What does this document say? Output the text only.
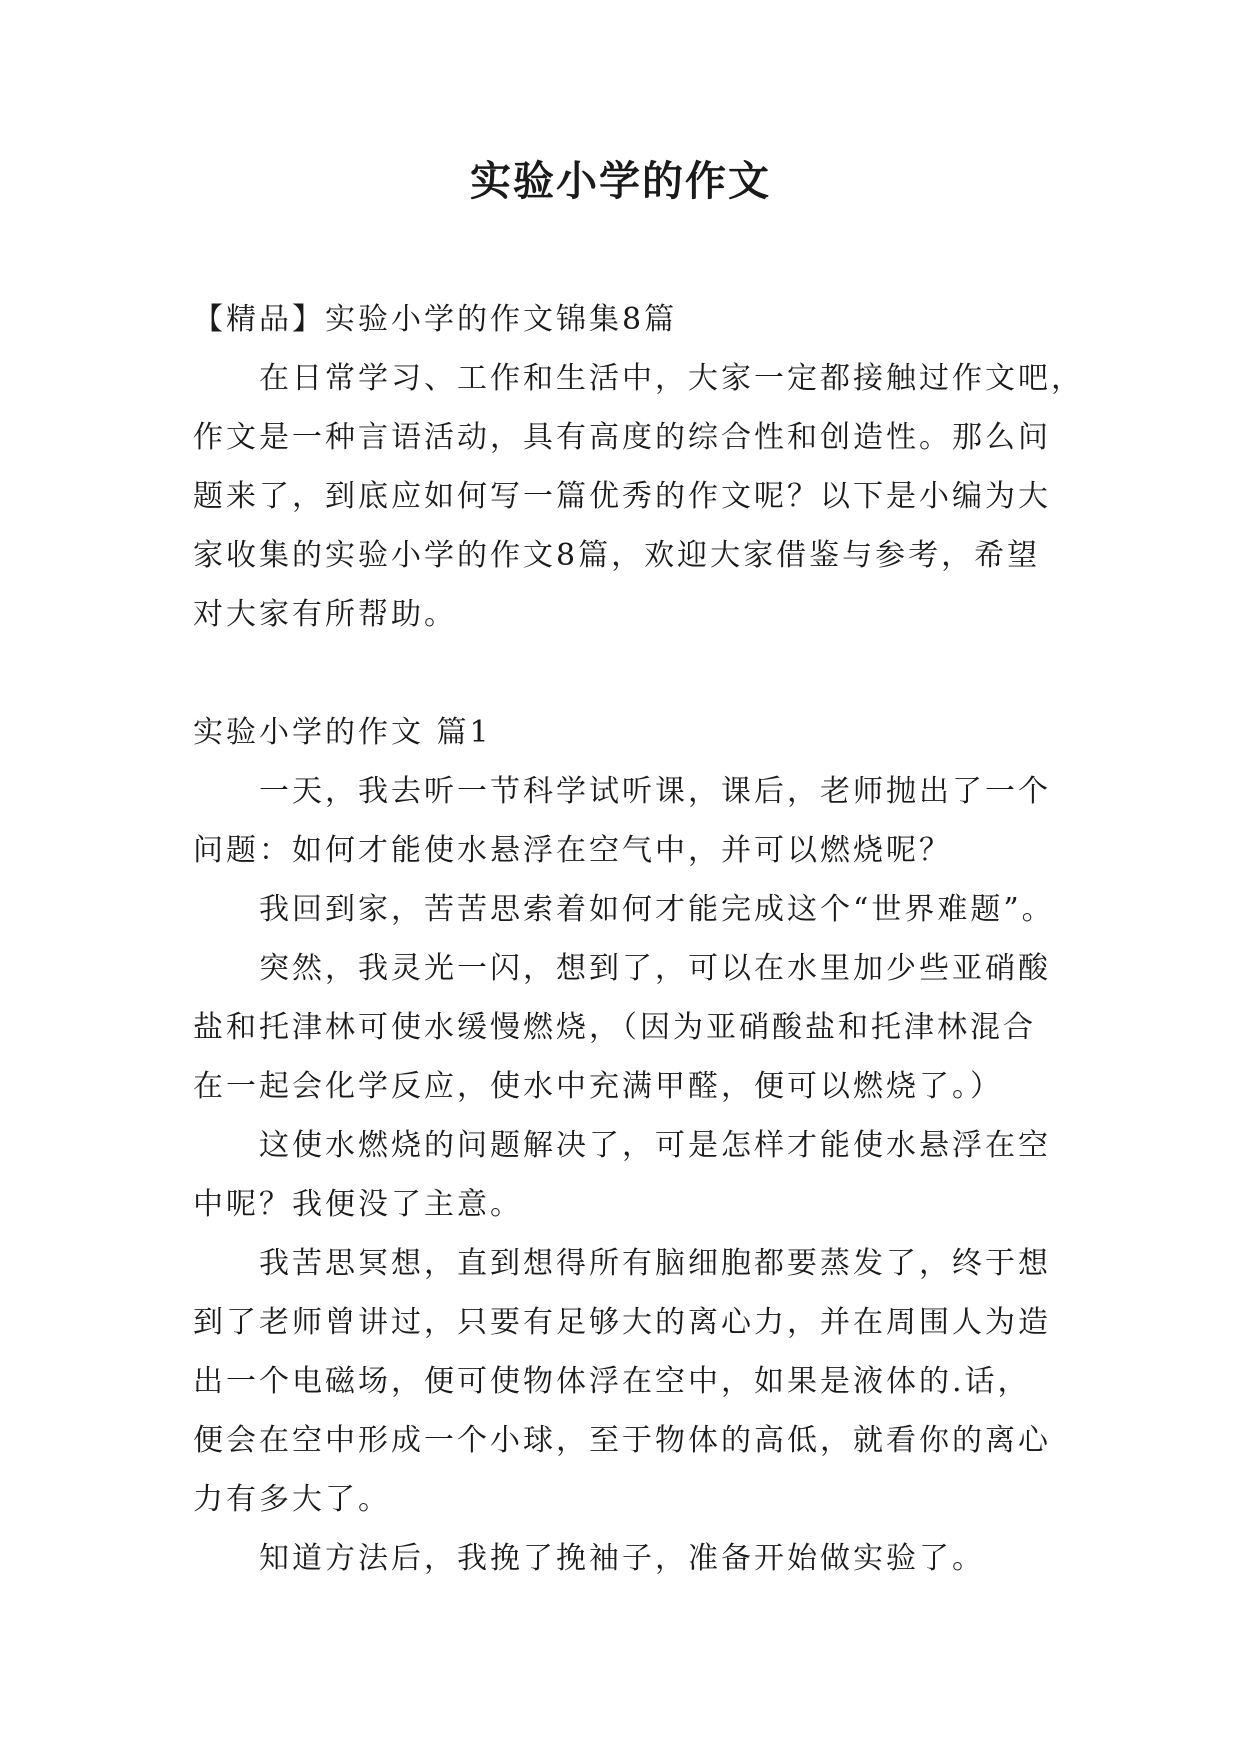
实验小学的作文

【精品】实验小学的作文锦集8篇

在日常学习、工作和生活中，大家一定都接触过作文吧，

作文是一种言语活动，具有高度的综合性和创造性。那么问

题来了，到底应如何写一篇优秀的作文呢？以下是小编为大

家收集的实验小学的作文8篇，欢迎大家借鉴与参考，希望

对大家有所帮助。

实验小学的作文 篇1

一天，我去听一节科学试听课，课后，老师抛出了一个

问题：如何才能使水悬浮在空气中，并可以燃烧呢？

我回到家，苦苦思索着如何才能完成这个“世界难题”。

突然，我灵光一闪，想到了，可以在水里加少些亚硝酸

盐和托津林可使水缓慢燃烧，（因为亚硝酸盐和托津林混合

在一起会化学反应，使水中充满甲醛，便可以燃烧了。）

这使水燃烧的问题解决了，可是怎样才能使水悬浮在空

中呢？我便没了主意。

我苦思冥想，直到想得所有脑细胞都要蒸发了，终于想

到了老师曾讲过，只要有足够大的离心力，并在周围人为造

出一个电磁场，便可使物体浮在空中，如果是液体的.话，

便会在空中形成一个小球，至于物体的高低，就看你的离心

力有多大了。

知道方法后，我挽了挽袖子，准备开始做实验了。
